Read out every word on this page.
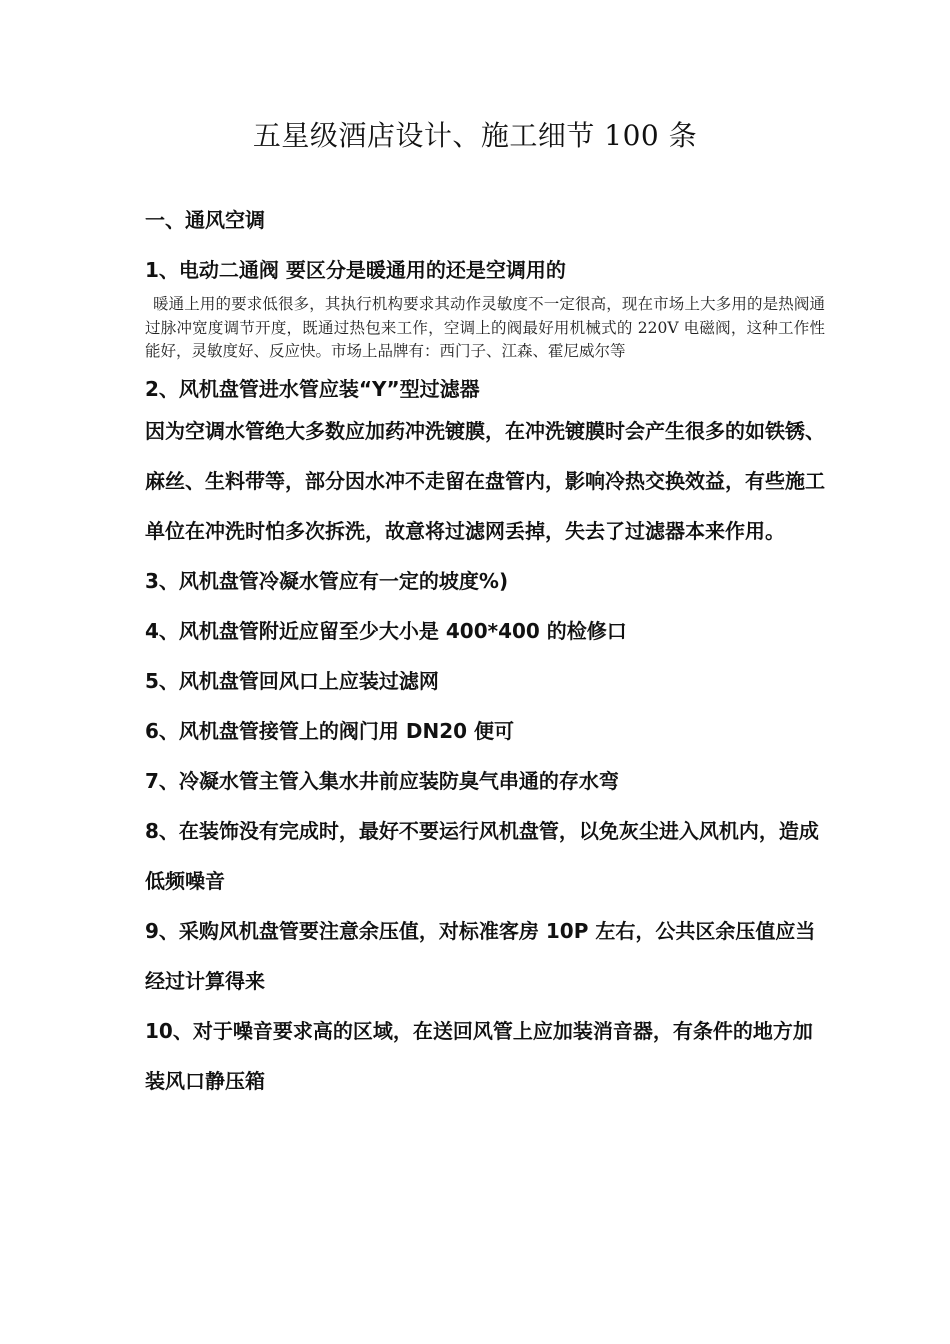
五星级酒店设计、施工细节 100 条
一、通风空调
1、电动二通阀 要区分是暖通用的还是空调用的

暖通上用的要求低很多，其执行机构要求其动作灵敏度不一定很高，现在市场上大多用的是热阀通过脉冲宽度调节开度，既通过热包来工作，空调上的阀最好用机械式的 220V 电磁阀，这种工作性能好，灵敏度好、反应快。市场上品牌有：西门子、江森、霍尼威尔等

2、风机盘管进水管应装“Y”型过滤器

因为空调水管绝大多数应加药冲洗镀膜，在冲洗镀膜时会产生很多的如铁锈、麻丝、生料带等，部分因水冲不走留在盘管内，影响冷热交换效益，有些施工单位在冲洗时怕多次拆洗，故意将过滤网丢掉，失去了过滤器本来作用。

3、风机盘管冷凝水管应有一定的坡度%)
4、风机盘管附近应留至少大小是 400*400 的检修口
5、风机盘管回风口上应装过滤网
6、风机盘管接管上的阀门用 DN20 便可
7、冷凝水管主管入集水井前应装防臭气串通的存水弯
8、在装饰没有完成时，最好不要运行风机盘管，以免灰尘进入风机内，造成低频噪音
9、采购风机盘管要注意余压值，对标准客房 10P 左右，公共区余压值应当经过计算得来
10、对于噪音要求高的区域，在送回风管上应加装消音器，有条件的地方加装风口静压箱
